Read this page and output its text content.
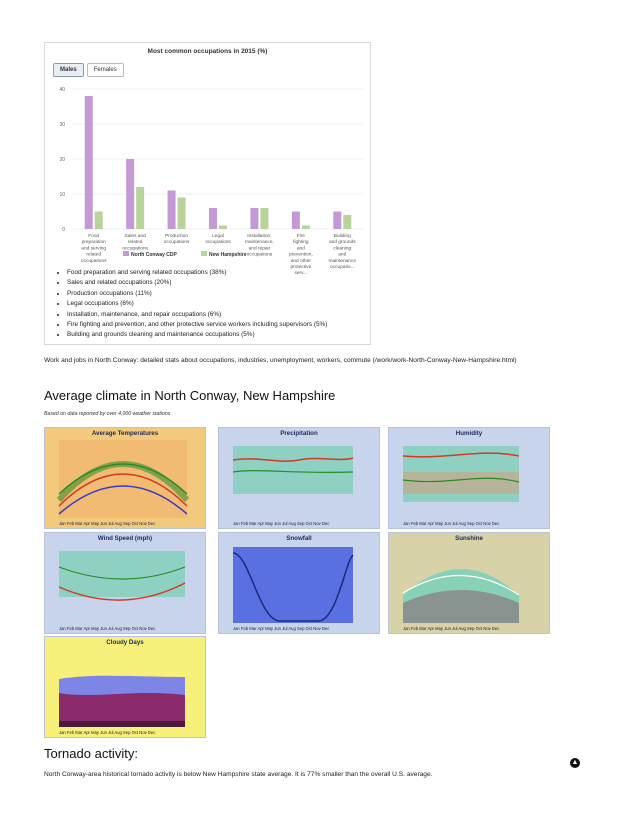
Most common occupations in 2015 (%)
Males	Females
0
10
20
30
40
Food
preparation
and serving
related
occupations
Sales and
related
occupations
Production
occupations
Legal
occupations
Installation,
maintenance,
and repair
occupations
Fire
fighting
and
prevention,
and other
protective
serv...
Building
and grounds
cleaning
and
maintenance
occupatio...
North Conway CDP	New Hampshire
• Food preparation and serving related occupations (38%)
• Sales and related occupations (20%)
• Production occupations (11%)
• Legal occupations (6%)
• Installation, maintenance, and repair occupations (6%)
• Fire fighting and prevention, and other protective service workers including supervisors (5%)
• Building and grounds cleaning and maintenance occupations (5%)
Work and jobs in North Conway: detailed stats about occupations, industries, unemployment, workers, commute (/work/work-North-Conway-New-Hampshire.html)
Average climate in North Conway, New Hampshire
Based on data reported by over 4,000 weather stations
Average Temperatures
Jan Feb Mar Apr May Jun Jul Aug Sep Oct Nov Dec
Precipitation
Jan Feb Mar Apr May Jun Jul Aug Sep Oct Nov Dec
Humidity
Jan Feb Mar Apr May Jun Jul Aug Sep Oct Nov Dec
Wind Speed (mph)
Jan Feb Mar Apr May Jun Jul Aug Sep Oct Nov Dec
Snowfall
Jan Feb Mar Apr May Jun Jul Aug Sep Oct Nov Dec
Sunshine
Jan Feb Mar Apr May Jun Jul Aug Sep Oct Nov Dec
Cloudy Days
Jan Feb Mar Apr May Jun Jul Aug Sep Oct Nov Dec
Tornado activity:
North Conway-area historical tornado activity is below New Hampshire state average. It is 77% smaller than the overall U.S. average.
▲
